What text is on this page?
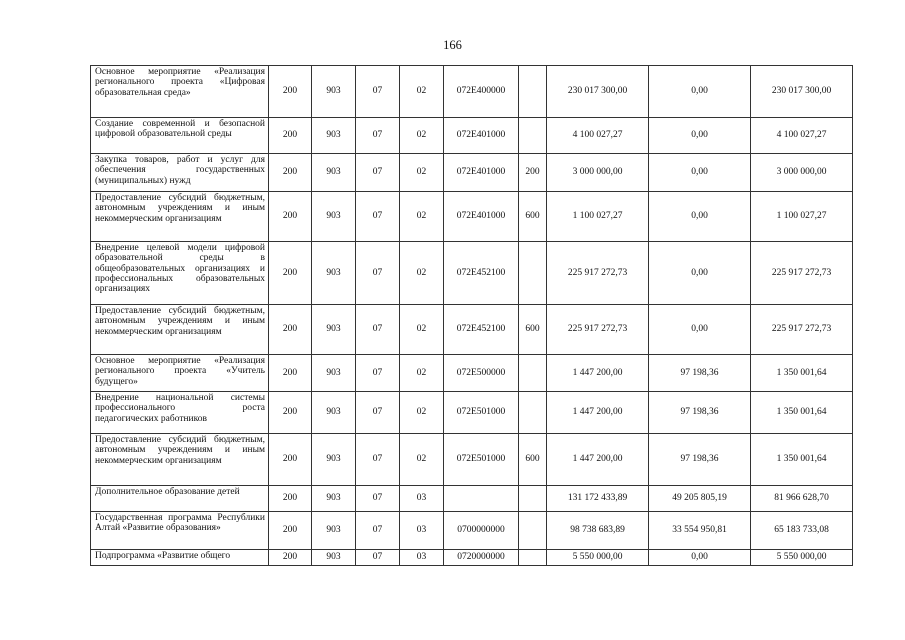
166
Основное мероприятие «Реализация регионального проекта «Цифровая образовательная среда»	200	903	07	02	072E400000		230 017 300,00	0,00	230 017 300,00
Создание современной и безопасной цифровой образовательной среды	200	903	07	02	072E401000		4 100 027,27	0,00	4 100 027,27
Закупка товаров, работ и услуг для обеспечения государственных (муниципальных) нужд	200	903	07	02	072E401000	200	3 000 000,00	0,00	3 000 000,00
Предоставление субсидий бюджетным, автономным учреждениям и иным некоммерческим организациям	200	903	07	02	072E401000	600	1 100 027,27	0,00	1 100 027,27
Внедрение целевой модели цифровой образовательной среды в общеобразовательных организациях и профессиональных образовательных организациях	200	903	07	02	072E452100		225 917 272,73	0,00	225 917 272,73
Предоставление субсидий бюджетным, автономным учреждениям и иным некоммерческим организациям	200	903	07	02	072E452100	600	225 917 272,73	0,00	225 917 272,73
Основное мероприятие «Реализация регионального проекта «Учитель будущего»	200	903	07	02	072E500000		1 447 200,00	97 198,36	1 350 001,64
Внедрение национальной системы профессионального роста педагогических работников	200	903	07	02	072E501000		1 447 200,00	97 198,36	1 350 001,64
Предоставление субсидий бюджетным, автономным учреждениям и иным некоммерческим организациям	200	903	07	02	072E501000	600	1 447 200,00	97 198,36	1 350 001,64
Дополнительное образование детей	200	903	07	03			131 172 433,89	49 205 805,19	81 966 628,70
Государственная программа Республики Алтай «Развитие образования»	200	903	07	03	0700000000		98 738 683,89	33 554 950,81	65 183 733,08
Подпрограмма «Развитие общего	200	903	07	03	0720000000		5 550 000,00	0,00	5 550 000,00
